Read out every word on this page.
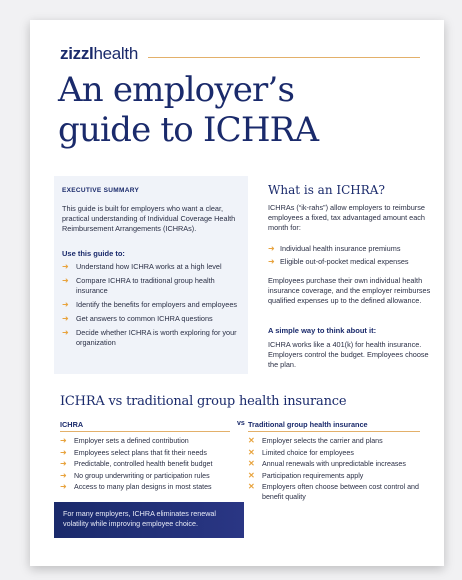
zizzlhealth
An employer’s
guide to ICHRA
EXECUTIVE SUMMARY
This guide is built for employers who want a clear, practical understanding of Individual Coverage Health Reimbursement Arrangements (ICHRAs).
Use this guide to:
➜ Understand how ICHRA works at a high level
➜ Compare ICHRA to traditional group health insurance
➜ Identify the benefits for employers and employees
➜ Get answers to common ICHRA questions
➜ Decide whether ICHRA is worth exploring for your organization
What is an ICHRA?
ICHRAs (“ik-rahs”) allow employers to reimburse employees a fixed, tax advantaged amount each month for:
➜ Individual health insurance premiums
➜ Eligible out-of-pocket medical expenses
Employees purchase their own individual health insurance coverage, and the employer reimburses qualified expenses up to the defined allowance.
A simple way to think about it:
ICHRA works like a 401(k) for health insurance. Employers control the budget. Employees choose the plan.
ICHRA vs traditional group health insurance
ICHRA	vs Traditional group health insurance
➜ Employer sets a defined contribution
➜ Employees select plans that fit their needs
➜ Predictable, controlled health benefit budget
➜ No group underwriting or participation rules
➜ Access to many plan designs in most states
✕ Employer selects the carrier and plans
✕ Limited choice for employees
✕ Annual renewals with unpredictable increases
✕ Participation requirements apply
✕ Employers often choose between cost control and benefit quality
For many employers, ICHRA eliminates renewal volatility while improving employee choice.
